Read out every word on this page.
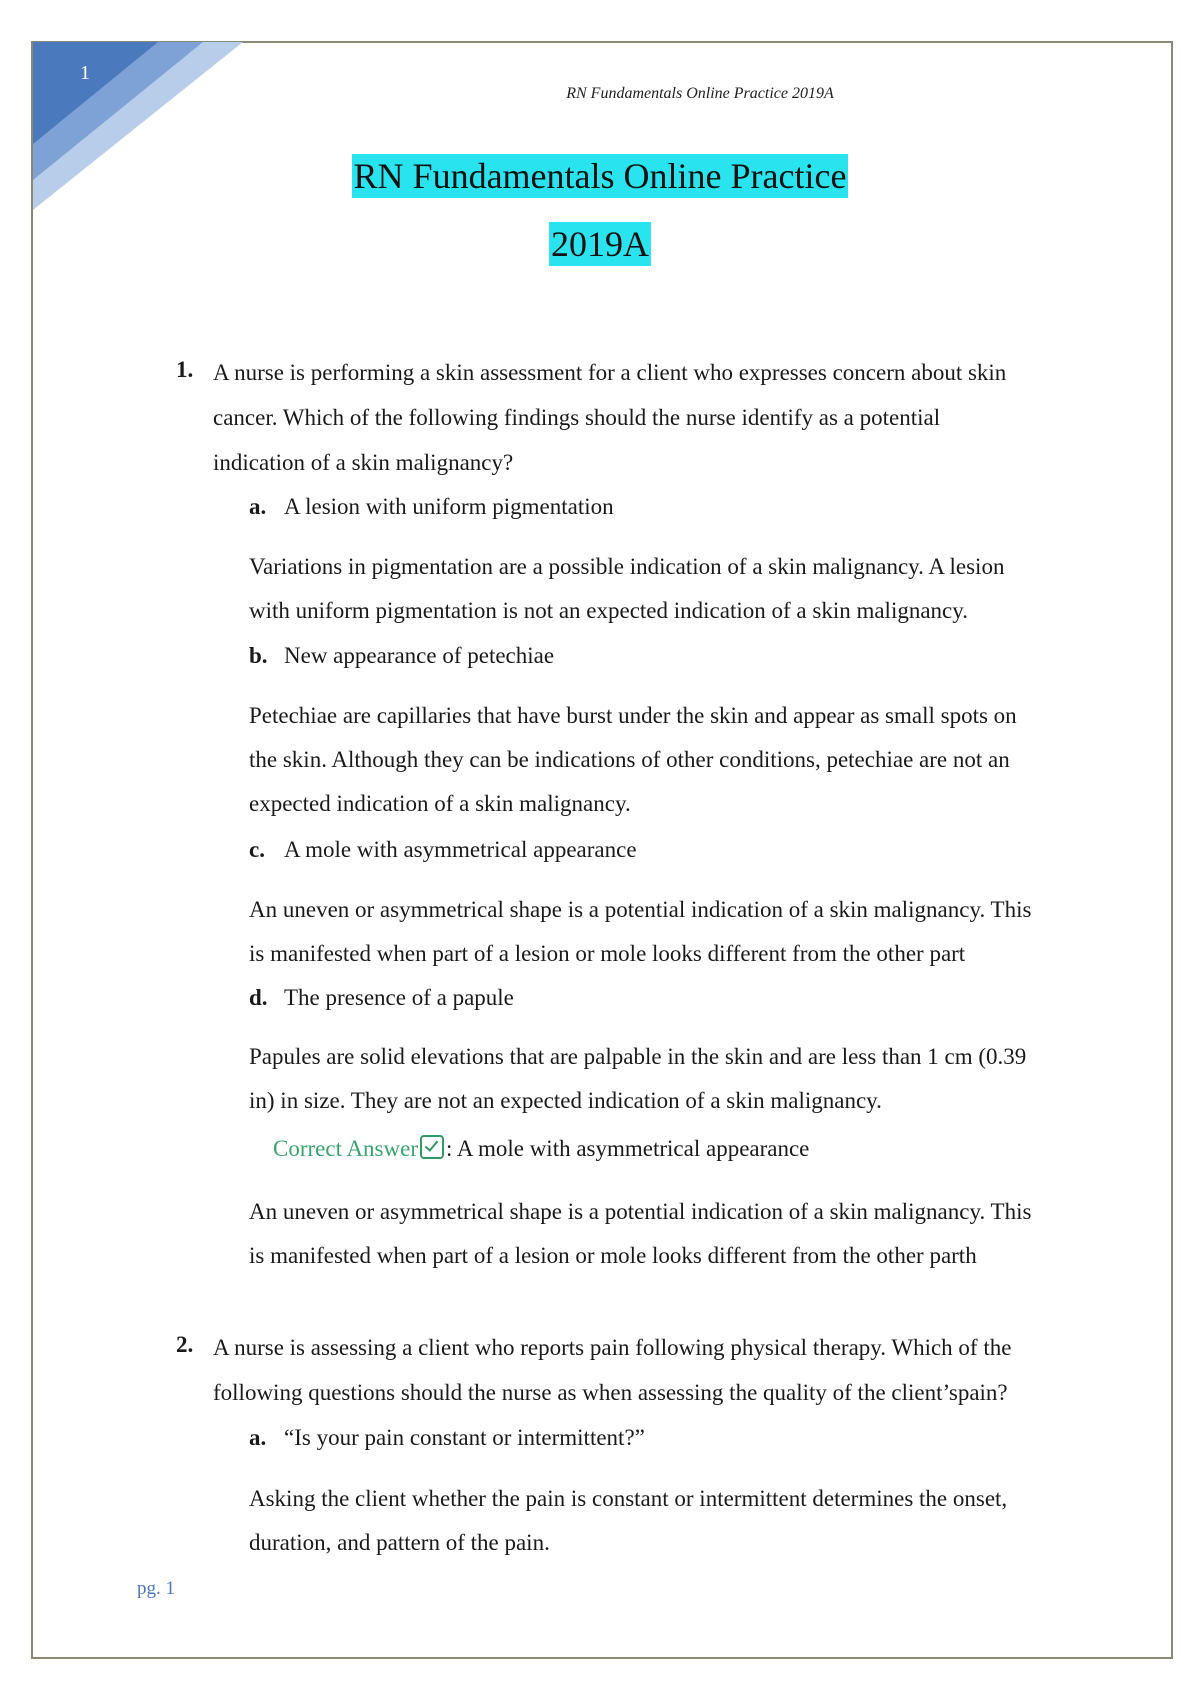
1
RN Fundamentals Online Practice 2019A
RN Fundamentals Online Practice
2019A
1. A nurse is performing a skin assessment for a client who expresses concern about skin
cancer. Which of the following findings should the nurse identify as a potential
indication of a skin malignancy?
a. A lesion with uniform pigmentation
Variations in pigmentation are a possible indication of a skin malignancy. A lesion
with uniform pigmentation is not an expected indication of a skin malignancy.
b. New appearance of petechiae
Petechiae are capillaries that have burst under the skin and appear as small spots on
the skin. Although they can be indications of other conditions, petechiae are not an
expected indication of a skin malignancy.
c. A mole with asymmetrical appearance
An uneven or asymmetrical shape is a potential indication of a skin malignancy. This
is manifested when part of a lesion or mole looks different from the other part
d. The presence of a papule
Papules are solid elevations that are palpable in the skin and are less than 1 cm (0.39
in) in size. They are not an expected indication of a skin malignancy.
Correct Answer : A mole with asymmetrical appearance
An uneven or asymmetrical shape is a potential indication of a skin malignancy. This
is manifested when part of a lesion or mole looks different from the other parth
2. A nurse is assessing a client who reports pain following physical therapy. Which of the
following questions should the nurse as when assessing the quality of the client’spain?
a. “Is your pain constant or intermittent?”
Asking the client whether the pain is constant or intermittent determines the onset,
duration, and pattern of the pain.
pg. 1
